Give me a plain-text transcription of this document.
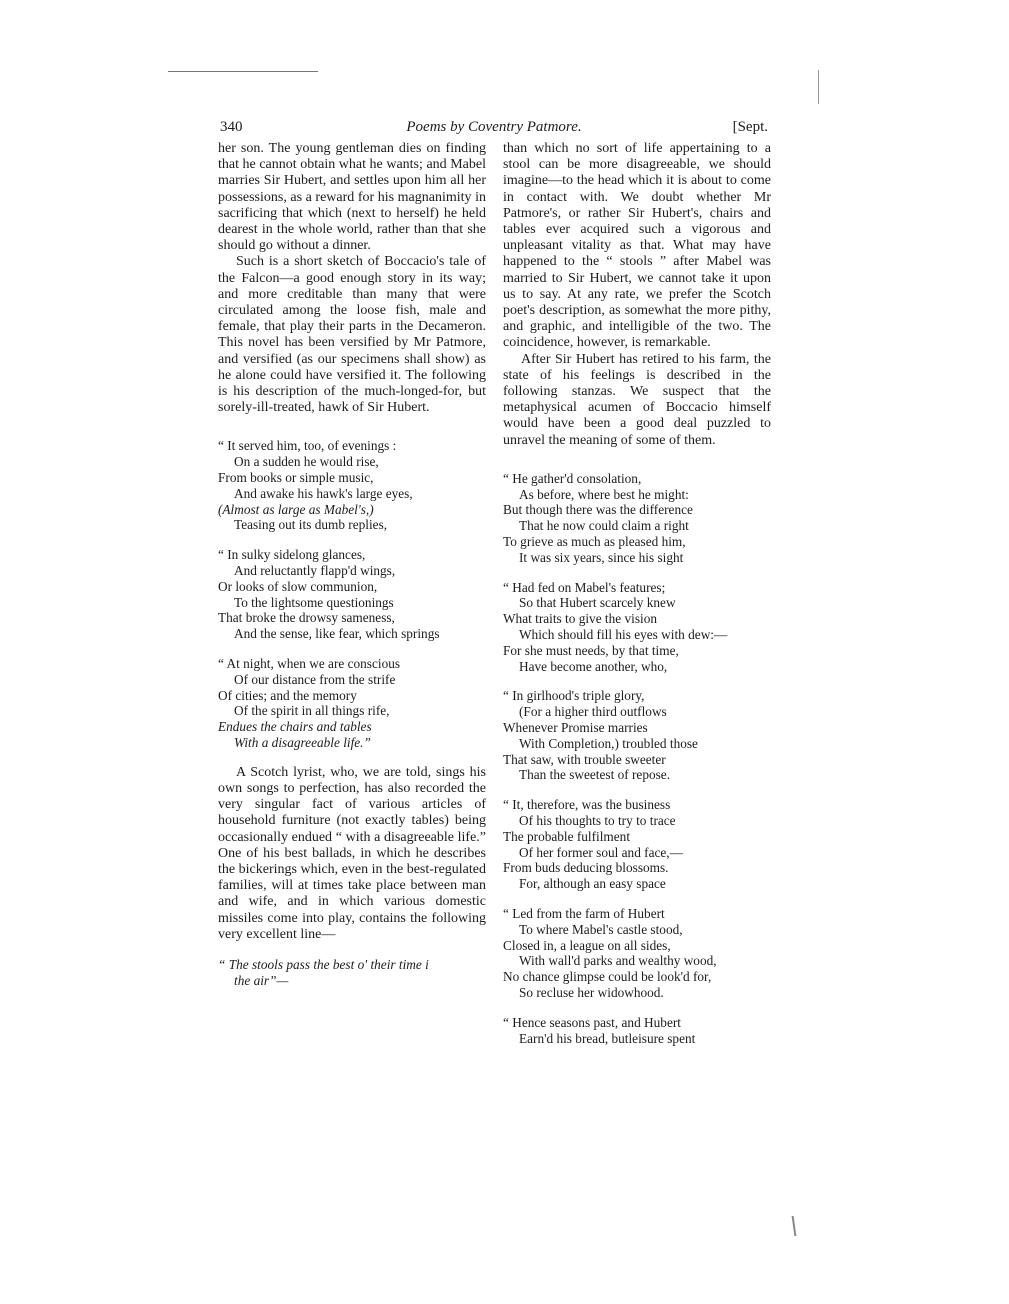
340	Poems by Coventry Patmore.	[Sept.

her son. The young gentleman dies on finding that he cannot obtain what he wants; and Mabel marries Sir Hubert, and settles upon him all her possessions, as a reward for his magnanimity in sacrificing that which (next to herself) he held dearest in the whole world, rather than that she should go without a dinner.

Such is a short sketch of Boccacio's tale of the Falcon—a good enough story in its way; and more creditable than many that were circulated among the loose fish, male and female, that play their parts in the Decameron. This novel has been versified by Mr Patmore, and versified (as our specimens shall show) as he alone could have versified it. The following is his description of the much-longed-for, but sorely-ill-treated, hawk of Sir Hubert.

“ It served him, too, of evenings :
On a sudden he would rise,
From books or simple music,
And awake his hawk's large eyes,
(Almost as large as Mabel's,)
Teasing out its dumb replies,
“ In sulky sidelong glances,
And reluctantly flapp'd wings,
Or looks of slow communion,
To the lightsome questionings
That broke the drowsy sameness,
And the sense, like fear, which springs
“ At night, when we are conscious
Of our distance from the strife
Of cities; and the memory
Of the spirit in all things rife,
Endues the chairs and tables
With a disagreeable life.”

A Scotch lyrist, who, we are told, sings his own songs to perfection, has also recorded the very singular fact of various articles of household furniture (not exactly tables) being occasionally endued “ with a disagreeable life.” One of his best ballads, in which he describes the bickerings which, even in the best-regulated families, will at times take place between man and wife, and in which various domestic missiles come into play, contains the following very excellent line—

“ The stools pass the best o' their time i
the air”—

than which no sort of life appertaining to a stool can be more disagreeable, we should imagine—to the head which it is about to come in contact with. We doubt whether Mr Patmore's, or rather Sir Hubert's, chairs and tables ever acquired such a vigorous and unpleasant vitality as that. What may have happened to the “ stools ” after Mabel was married to Sir Hubert, we cannot take it upon us to say. At any rate, we prefer the Scotch poet's description, as somewhat the more pithy, and graphic, and intelligible of the two. The coincidence, however, is remarkable.

After Sir Hubert has retired to his farm, the state of his feelings is described in the following stanzas. We suspect that the metaphysical acumen of Boccacio himself would have been a good deal puzzled to unravel the meaning of some of them.

“ He gather'd consolation,
As before, where best he might:
But though there was the difference
That he now could claim a right
To grieve as much as pleased him,
It was six years, since his sight
“ Had fed on Mabel's features;
So that Hubert scarcely knew
What traits to give the vision
Which should fill his eyes with dew:—
For she must needs, by that time,
Have become another, who,
“ In girlhood's triple glory,
(For a higher third outflows
Whenever Promise marries
With Completion,) troubled those
That saw, with trouble sweeter
Than the sweetest of repose.
“ It, therefore, was the business
Of his thoughts to try to trace
The probable fulfilment
Of her former soul and face,—
From buds deducing blossoms.
For, although an easy space
“ Led from the farm of Hubert
To where Mabel's castle stood,
Closed in, a league on all sides,
With wall'd parks and wealthy wood,
No chance glimpse could be look'd for,
So recluse her widowhood.
“ Hence seasons past, and Hubert
Earn'd his bread, butleisure spent
